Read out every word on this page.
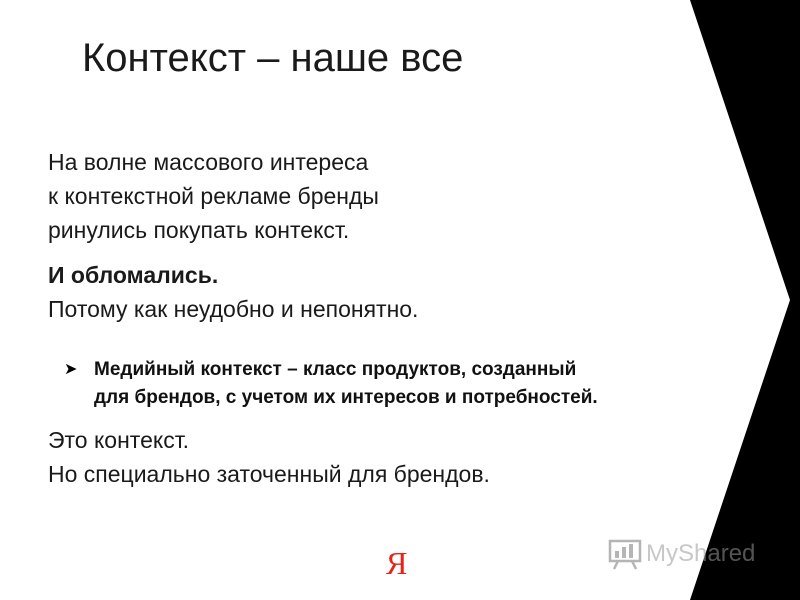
Контекст – наше все
На волне массового интереса
к контекстной рекламе бренды
ринулись покупать контекст.
И обломались.
Потому как неудобно и непонятно.
➤ Медийный контекст – класс продуктов, созданный
для брендов, с учетом их интересов и потребностей.
Это контекст.
Но специально заточенный для брендов.
Я	MyShared
